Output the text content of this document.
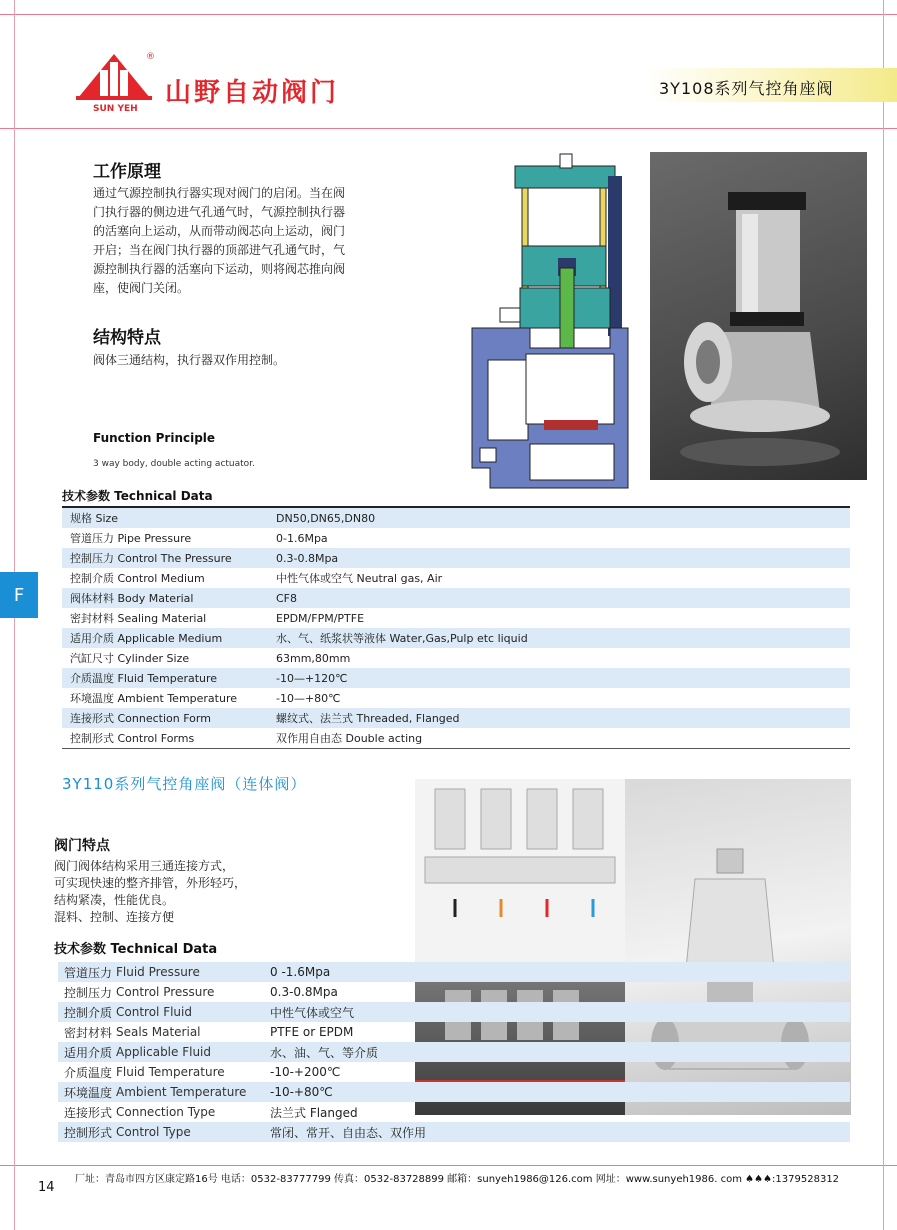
®
SUN YEH
山野自动阀门	3Y108系列气控角座阀
工作原理
通过气源控制执行器实现对阀门的启闭。当在阀门执行器的侧边进气孔通气时，气源控制执行器的活塞向上运动，从而带动阀芯向上运动，阀门开启；当在阀门执行器的顶部进气孔通气时，气源控制执行器的活塞向下运动，则将阀芯推向阀座，使阀门关闭。
结构特点
阀体三通结构，执行器双作用控制。
Function Principle
3 way body, double acting actuator.
技术参数 Technical Data
规格 Size	DN50,DN65,DN80
管道压力 Pipe Pressure	0-1.6Mpa
控制压力 Control The Pressure	0.3-0.8Mpa
控制介质 Control Medium	中性气体或空气 Neutral gas, Air
阀体材料 Body Material	CF8
密封材料 Sealing Material	EPDM/FPM/PTFE
适用介质 Applicable Medium	水、气、纸浆状等液体 Water,Gas,Pulp etc liquid
汽缸尺寸 Cylinder Size	63mm,80mm
介质温度 Fluid Temperature	-10—+120℃
环境温度 Ambient Temperature	-10—+80℃
连接形式 Connection Form	螺纹式、法兰式 Threaded, Flanged
控制形式 Control Forms	双作用自由态 Double acting
F
3Y110系列气控角座阀（连体阀）
阀门特点
阀门阀体结构采用三通连接方式，
可实现快速的整齐排管，外形轻巧，
结构紧凑，性能优良。
混料、控制、连接方便
技术参数 Technical Data
管道压力	Fluid Pressure	0 -1.6Mpa
控制压力	Control Pressure	0.3-0.8Mpa
控制介质	Control Fluid	中性气体或空气
密封材料	Seals Material	PTFE or EPDM
适用介质	Applicable Fluid	水、油、气、等介质
介质温度	Fluid Temperature	-10-+200℃
环境温度	Ambient Temperature	-10-+80℃
连接形式	Connection Type	法兰式 Flanged
控制形式	Control Type	常闭、常开、自由态、双作用
14
厂址：青岛市四方区康定路16号 电话：0532-83777799 传真：0532-83728899 邮箱：sunyeh1986@126.com 网址：www.sunyeh1986. com ♠♠♠:1379528312
